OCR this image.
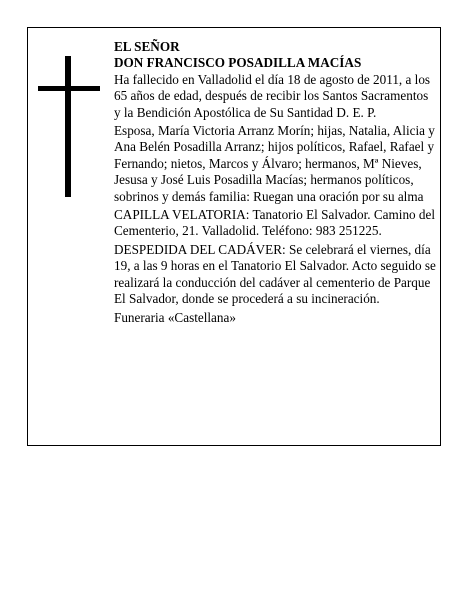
EL SEÑOR
DON FRANCISCO POSADILLA MACÍAS

Ha fallecido en Valladolid el día 18 de agosto de 2011, a los 65 años de edad, después de recibir los Santos Sacramentos y la Bendición Apostólica de Su Santidad D. E. P.

Esposa, María Victoria Arranz Morín; hijas, Natalia, Alicia y Ana Belén Posadilla Arranz; hijos políticos, Rafael, Rafael y Fernando; nietos, Marcos y Álvaro; hermanos, Mª Nieves, Jesusa y José Luis Posadilla Macías; hermanos políticos, sobrinos y demás familia: Ruegan una oración por su alma

CAPILLA VELATORIA: Tanatorio El Salvador. Camino del Cementerio, 21. Valladolid. Teléfono: 983 251225.

DESPEDIDA DEL CADÁVER: Se celebrará el viernes, día 19, a las 9 horas en el Tanatorio El Salvador. Acto seguido se realizará la conducción del cadáver al cementerio de Parque El Salvador, donde se procederá a su incineración.

Funeraria «Castellana»
